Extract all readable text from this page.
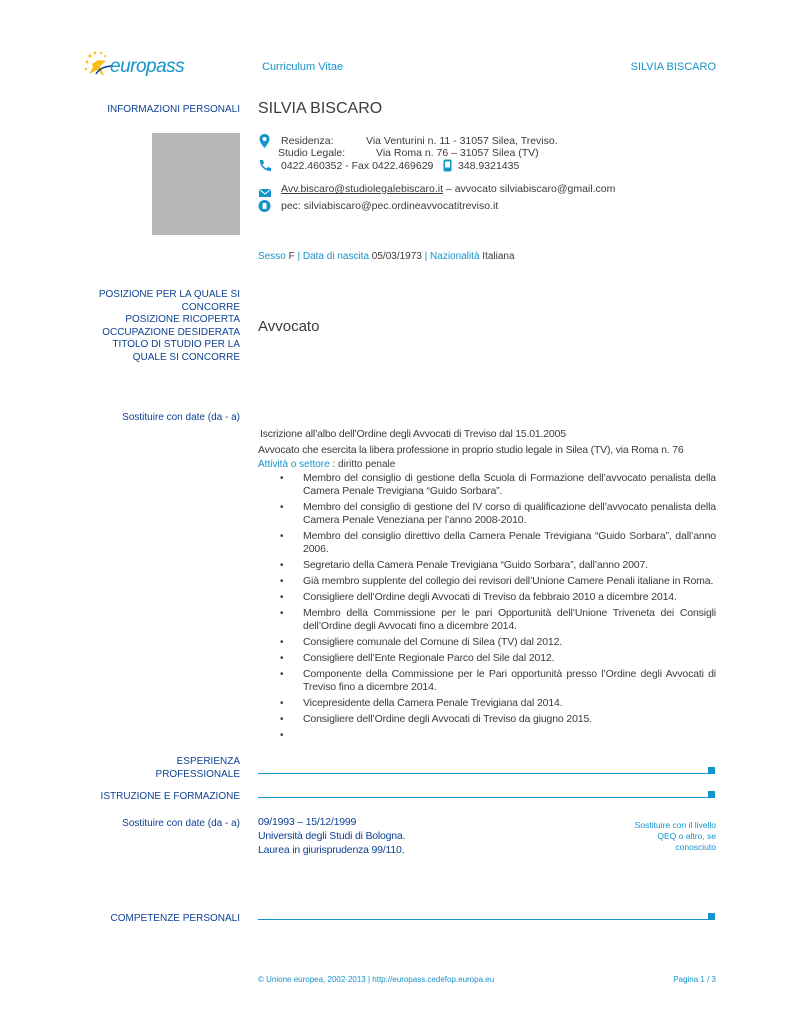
europass	Curriculum Vitae	SILVIA BISCARO
INFORMAZIONI PERSONALI SILVIA BISCARO
Residenza:	Via Venturini n. 11 - 31057 Silea, Treviso.
Studio Legale:	Via Roma n. 76 – 31057 Silea (TV)
0422.460352 - Fax 0422.469629 348.9321435
Avv.biscaro@studiolegalebiscaro.it – avvocato silviabiscaro@gmail.com
pec: silviabiscaro@pec.ordineavvocatitreviso.it
Sesso F | Data di nascita 05/03/1973 | Nazionalità Italiana
POSIZIONE PER LA QUALE SI
CONCORRE
POSIZIONE RICOPERTA
OCCUPAZIONE DESIDERATA
TITOLO DI STUDIO PER LA
QUALE SI CONCORRE
Avvocato
Sostituire con date (da - a)
Iscrizione all’albo dell’Ordine degli Avvocati di Treviso dal 15.01.2005
Avvocato che esercita la libera professione in proprio studio legale in Silea (TV), via Roma n. 76
Attività o settore : diritto penale
• Membro del consiglio di gestione della Scuola di Formazione dell’avvocato penalista della Camera Penale Trevigiana “Guido Sorbara”.
• Membro del consiglio di gestione del IV corso di qualificazione dell’avvocato penalista della Camera Penale Veneziana per l’anno 2008-2010.
• Membro del consiglio direttivo della Camera Penale Trevigiana “Guido Sorbara”, dall’anno 2006.
• Segretario della Camera Penale Trevigiana “Guido Sorbara”, dall’anno 2007.
• Già membro supplente del collegio dei revisori dell’Unione Camere Penali italiane in Roma.
• Consigliere dell’Ordine degli Avvocati di Treviso da febbraio 2010 a dicembre 2014.
• Membro della Commissione per le pari Opportunità dell’Unione Triveneta dei Consigli dell’Ordine degli Avvocati fino a dicembre 2014.
• Consigliere comunale del Comune di Silea (TV) dal 2012.
• Consigliere dell’Ente Regionale Parco del Sile dal 2012.
• Componente della Commissione per le Pari opportunità presso l’Ordine degli Avvocati di Treviso fino a dicembre 2014.
• Vicepresidente della Camera Penale Trevigiana dal 2014.
• Consigliere dell’Ordine degli Avvocati di Treviso da giugno 2015.
•
ESPERIENZA
PROFESSIONALE
ISTRUZIONE E FORMAZIONE
Sostituire con date (da - a) 09/1993 – 15/12/1999
Università degli Studi di Bologna.
Laurea in giurisprudenza 99/110.
Sostituire con il livello
QEQ o altro, se
conosciuto
COMPETENZE PERSONALI
© Unione europea, 2002-2013 | http://europass.cedefop.europa.eu	Pagina 1 / 3
